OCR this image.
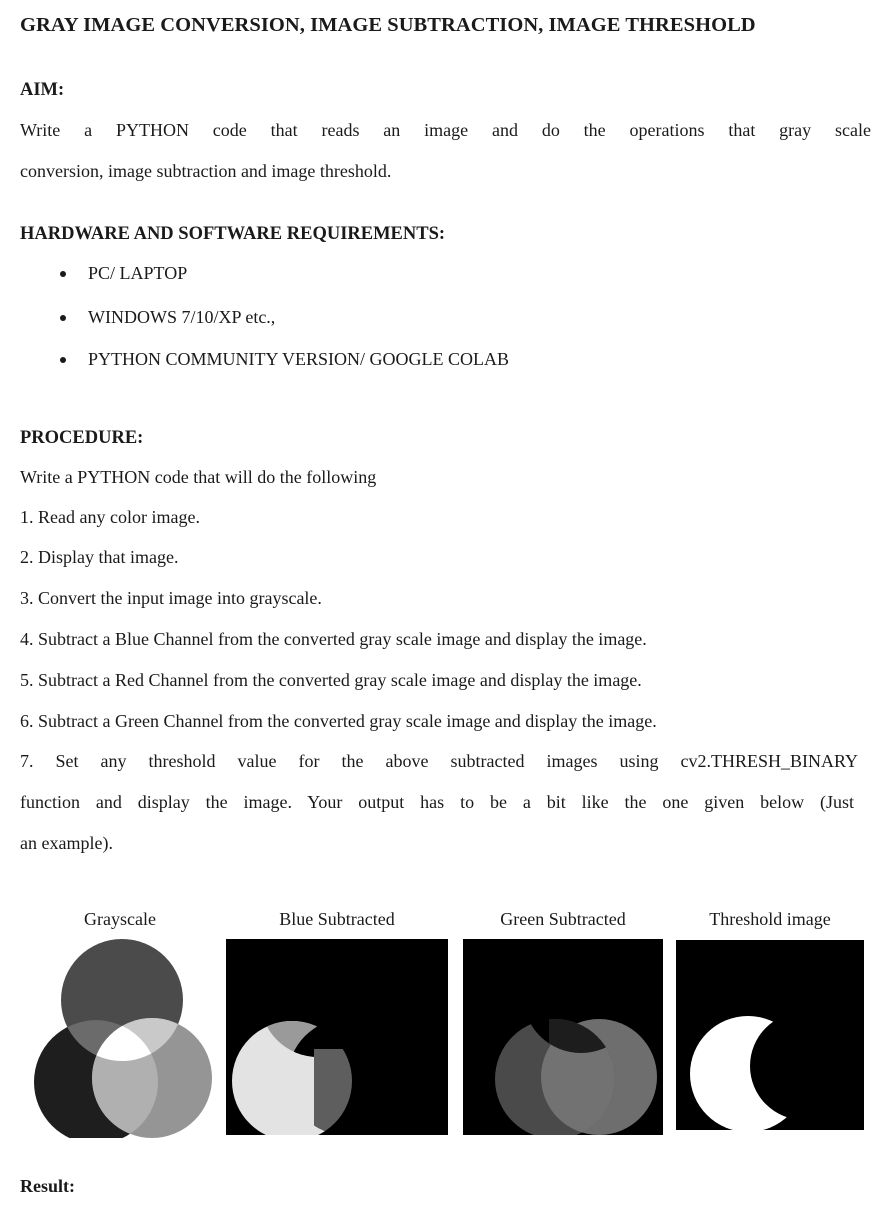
GRAY IMAGE CONVERSION, IMAGE SUBTRACTION, IMAGE THRESHOLD
AIM:
Write a PYTHON code that reads an image and do the operations that gray scale
conversion, image subtraction and image threshold.
HARDWARE AND SOFTWARE REQUIREMENTS:
PC/ LAPTOP
WINDOWS 7/10/XP etc.,
PYTHON COMMUNITY VERSION/ GOOGLE COLAB
PROCEDURE:
Write a PYTHON code that will do the following
1. Read any color image.
2. Display that image.
3. Convert the input image into grayscale.
4. Subtract a Blue Channel from the converted gray scale image and display the image.
5. Subtract a Red Channel from the converted gray scale image and display the image.
6. Subtract a Green Channel from the converted gray scale image and display the image.
7. Set any threshold value for the above subtracted images using cv2.THRESH_BINARY
function and display the image. Your output has to be a bit like the one given below (Just
an example).
Grayscale	Blue Subtracted	Green Subtracted	Threshold image
Result:
